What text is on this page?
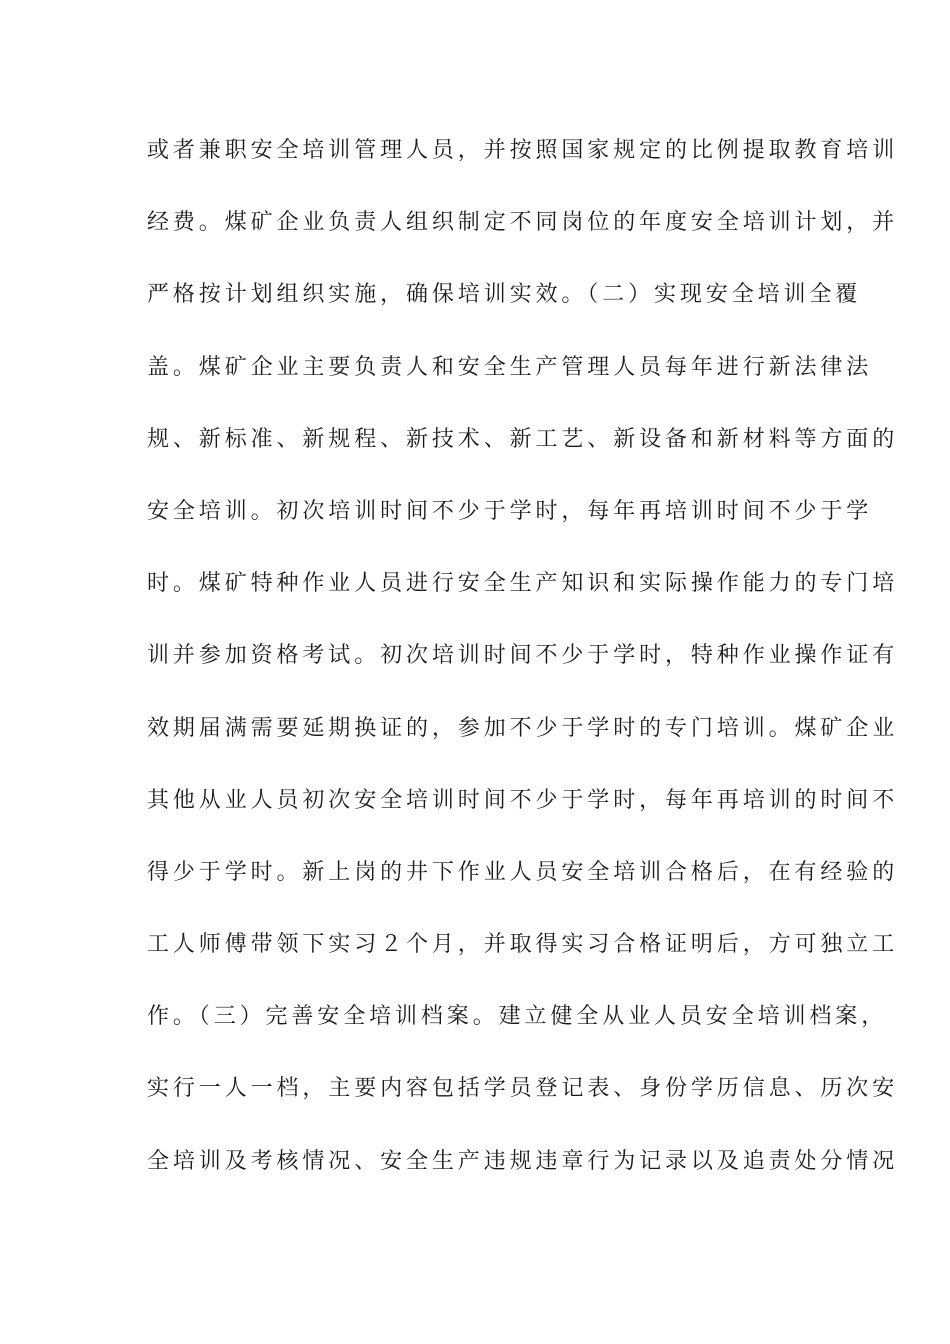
或者兼职安全培训管理人员，并按照国家规定的比例提取教育培训
经费。煤矿企业负责人组织制定不同岗位的年度安全培训计划，并
严格按计划组织实施，确保培训实效。（二）实现安全培训全覆
盖。煤矿企业主要负责人和安全生产管理人员每年进行新法律法
规、新标准、新规程、新技术、新工艺、新设备和新材料等方面的
安全培训。初次培训时间不少于学时，每年再培训时间不少于学
时。煤矿特种作业人员进行安全生产知识和实际操作能力的专门培
训并参加资格考试。初次培训时间不少于学时，特种作业操作证有
效期届满需要延期换证的，参加不少于学时的专门培训。煤矿企业
其他从业人员初次安全培训时间不少于学时，每年再培训的时间不
得少于学时。新上岗的井下作业人员安全培训合格后，在有经验的
工人师傅带领下实习２个月，并取得实习合格证明后，方可独立工
作。（三）完善安全培训档案。建立健全从业人员安全培训档案，
实行一人一档，主要内容包括学员登记表、身份学历信息、历次安
全培训及考核情况、安全生产违规违章行为记录以及追责处分情况
